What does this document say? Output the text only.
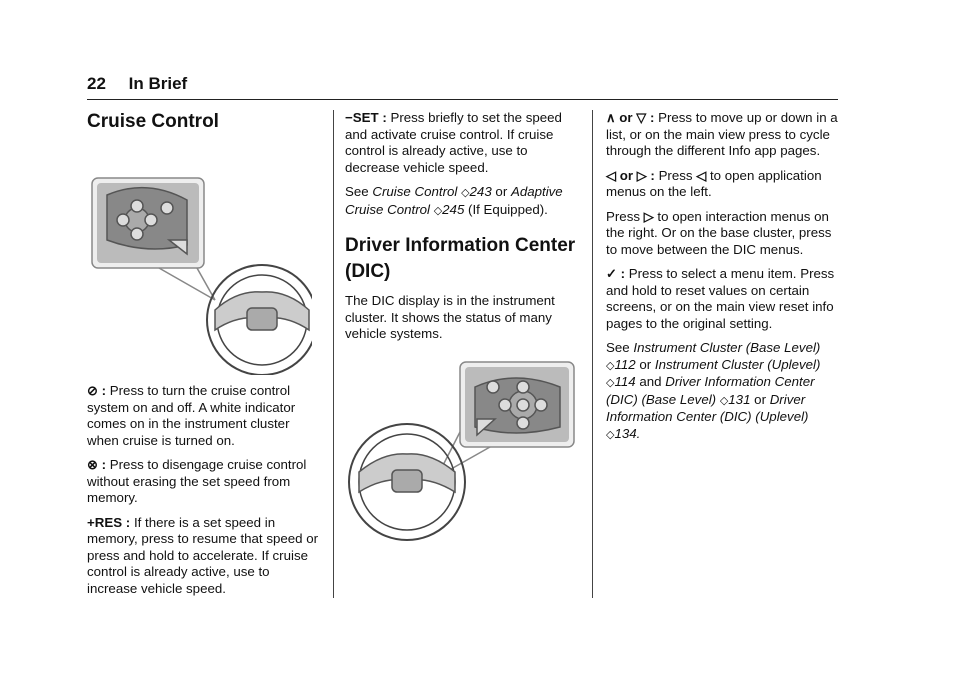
22 In Brief
Cruise Control

⊘ : Press to turn the cruise control system on and off. A white indicator comes on in the instrument cluster when cruise is turned on.

⊗ : Press to disengage cruise control without erasing the set speed from memory.

+RES : If there is a set speed in memory, press to resume that speed or press and hold to accelerate. If cruise control is already active, use to increase vehicle speed.

−SET : Press briefly to set the speed and activate cruise control. If cruise control is already active, use to decrease vehicle speed.

See Cruise Control ◇243 or Adaptive Cruise Control ◇245 (If Equipped).

Driver Information Center (DIC)

The DIC display is in the instrument cluster. It shows the status of many vehicle systems.

∧ or ▽ : Press to move up or down in a list, or on the main view press to cycle through the different Info app pages.

◁ or ▷ : Press ◁ to open application menus on the left.

Press ▷ to open interaction menus on the right. Or on the base cluster, press to move between the DIC menus.

✓ : Press to select a menu item. Press and hold to reset values on certain screens, or on the main view reset info pages to the original setting.

See Instrument Cluster (Base Level) ◇112 or Instrument Cluster (Uplevel) ◇114 and Driver Information Center (DIC) (Base Level) ◇131 or Driver Information Center (DIC) (Uplevel) ◇134.
